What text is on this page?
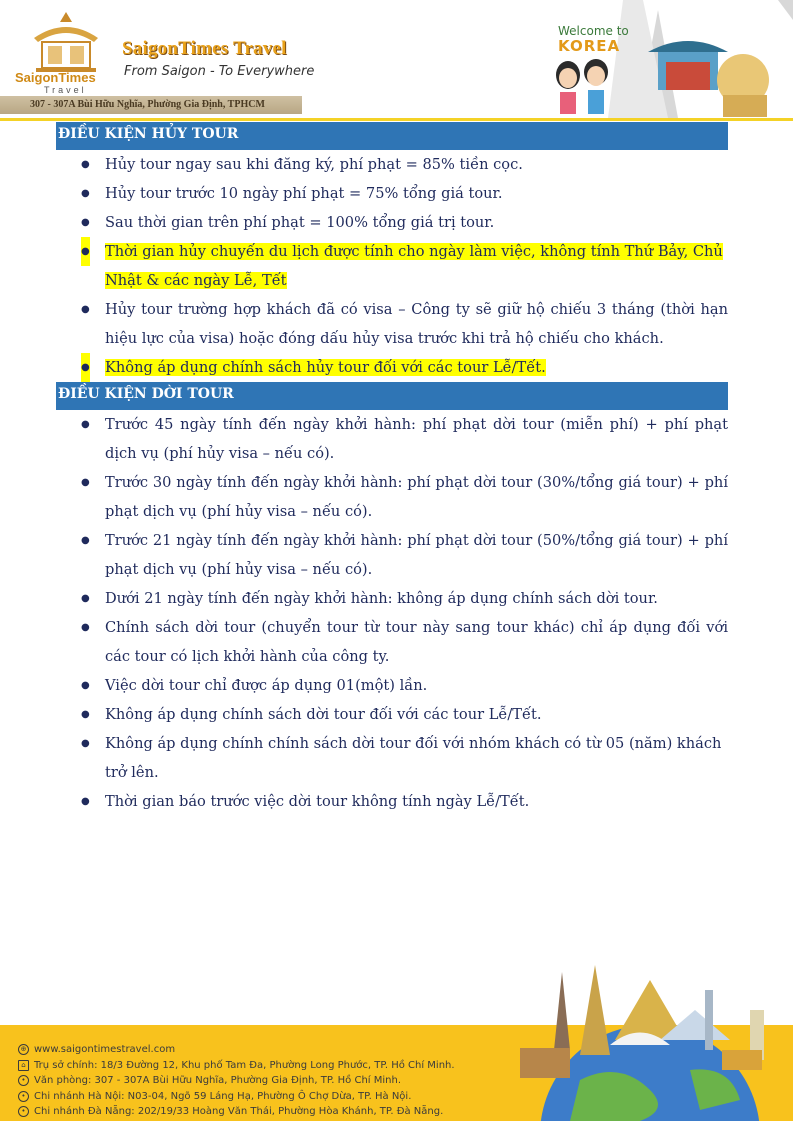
SaigonTimes
Travel
SaigonTimes Travel
From Saigon - To Everywhere
307 - 307A Bùi Hữu Nghĩa, Phường Gia Định, TPHCM
Welcome to
KOREA
ĐIỀU KIỆN HỦY TOUR
● Hủy tour ngay sau khi đăng ký, phí phạt = 85% tiền cọc.
● Hủy tour trước 10 ngày phí phạt = 75% tổng giá tour.
● Sau thời gian trên phí phạt = 100% tổng giá trị tour.
● Thời gian hủy chuyến du lịch được tính cho ngày làm việc, không tính Thứ Bảy, Chủ Nhật & các ngày Lễ, Tết
● Hủy tour trường hợp khách đã có visa – Công ty sẽ giữ hộ chiếu 3 tháng (thời hạn hiệu lực của visa) hoặc đóng dấu hủy visa trước khi trả hộ chiếu cho khách.
● Không áp dụng chính sách hủy tour đối với các tour Lễ/Tết.
ĐIỀU KIỆN DỜI TOUR
● Trước 45 ngày tính đến ngày khởi hành: phí phạt dời tour (miễn phí) + phí phạt dịch vụ (phí hủy visa – nếu có).
● Trước 30 ngày tính đến ngày khởi hành: phí phạt dời tour (30%/tổng giá tour) + phí phạt dịch vụ (phí hủy visa – nếu có).
● Trước 21 ngày tính đến ngày khởi hành: phí phạt dời tour (50%/tổng giá tour) + phí phạt dịch vụ (phí hủy visa – nếu có).
● Dưới 21 ngày tính đến ngày khởi hành: không áp dụng chính sách dời tour.
● Chính sách dời tour (chuyển tour từ tour này sang tour khác) chỉ áp dụng đối với các tour có lịch khởi hành của công ty.
● Việc dời tour chỉ được áp dụng 01(một) lần.
● Không áp dụng chính sách dời tour đối với các tour Lễ/Tết.
● Không áp dụng chính chính sách dời tour đối với nhóm khách có từ 05 (năm) khách trở lên.
● Thời gian báo trước việc dời tour không tính ngày Lễ/Tết.
⊕ www.saigontimestravel.com
⌂ Trụ sở chính: 18/3 Đường 12, Khu phố Tam Đa, Phường Long Phước, TP. Hồ Chí Minh.
• Văn phòng: 307 - 307A Bùi Hữu Nghĩa, Phường Gia Định, TP. Hồ Chí Minh.
• Chi nhánh Hà Nội: N03-04, Ngõ 59 Láng Hạ, Phường Ô Chợ Dừa, TP. Hà Nội.
• Chi nhánh Đà Nẵng: 202/19/33 Hoàng Văn Thái, Phường Hòa Khánh, TP. Đà Nẵng.
